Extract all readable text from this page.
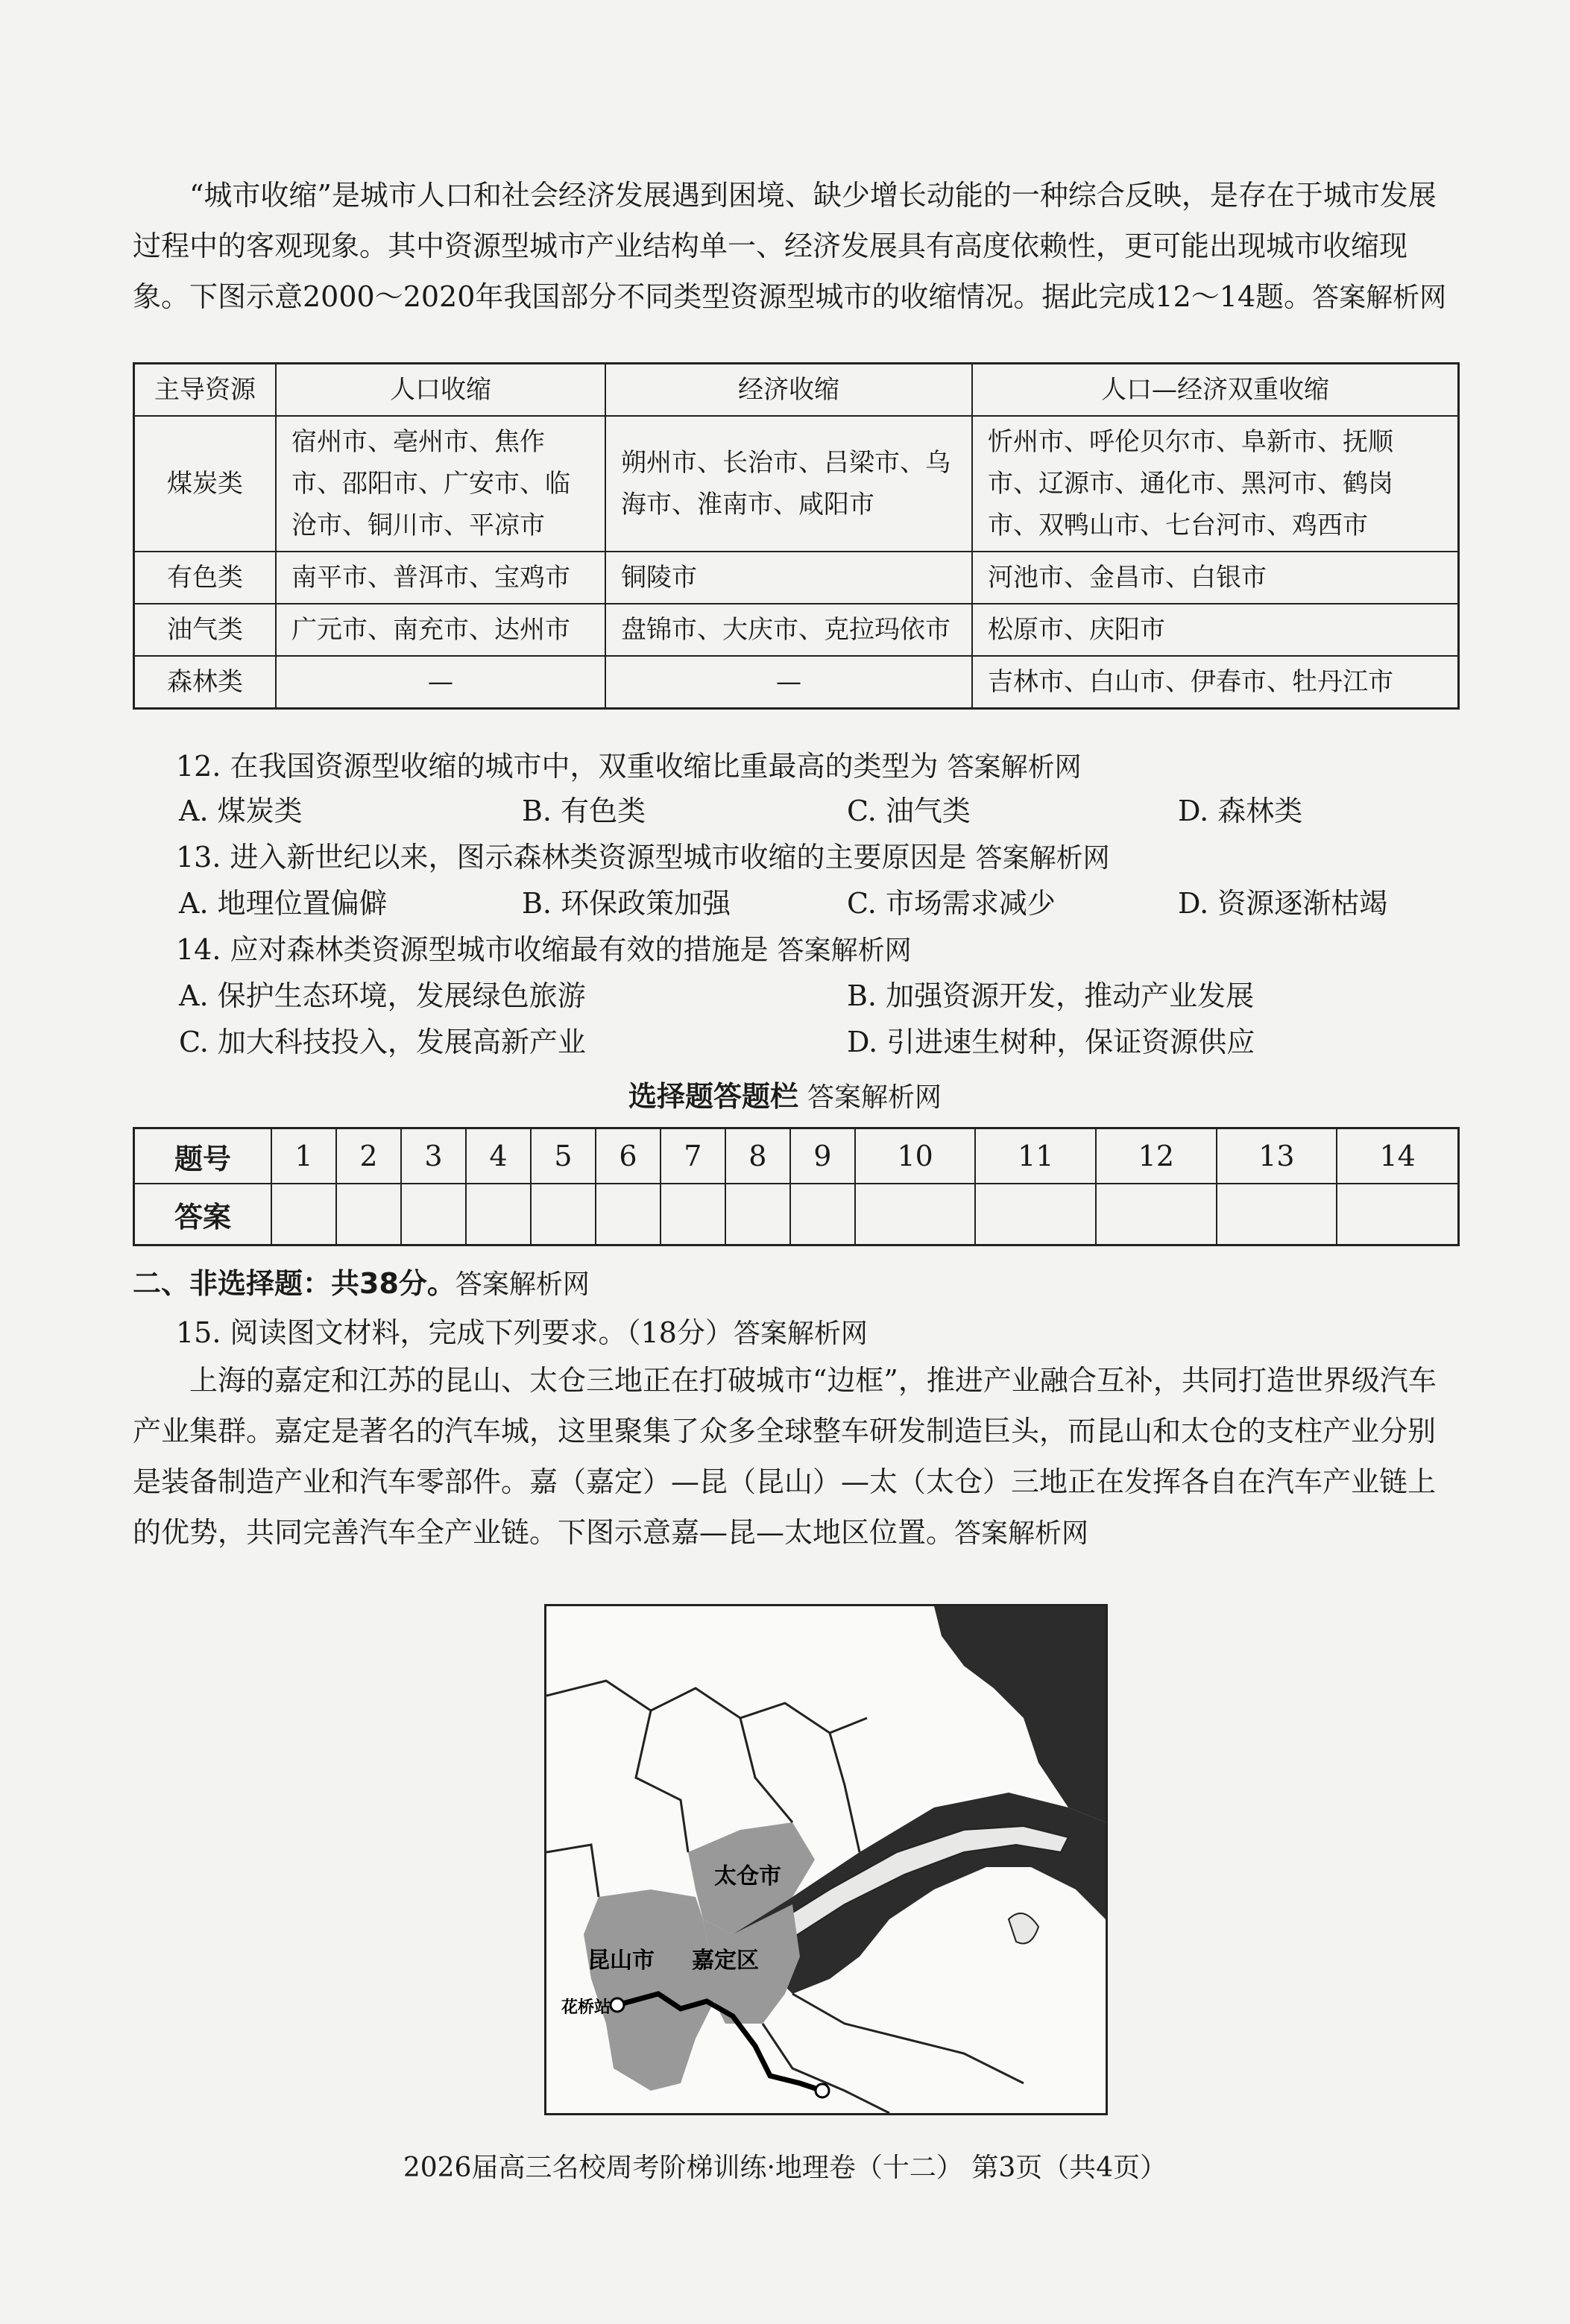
“城市收缩”是城市人口和社会经济发展遇到困境、缺少增长动能的一种综合反映，是存在于城市发展过程中的客观现象。其中资源型城市产业结构单一、经济发展具有高度依赖性，更可能出现城市收缩现象。下图示意2000～2020年我国部分不同类型资源型城市的收缩情况。据此完成12～14题。答案解析网

主导资源	人口收缩	经济收缩	人口—经济双重收缩
煤炭类	宿州市、亳州市、焦作市、邵阳市、广安市、临沧市、铜川市、平凉市	朔州市、长治市、吕梁市、乌海市、淮南市、咸阳市	忻州市、呼伦贝尔市、阜新市、抚顺市、辽源市、通化市、黑河市、鹤岗市、双鸭山市、七台河市、鸡西市
有色类	南平市、普洱市、宝鸡市	铜陵市	河池市、金昌市、白银市
油气类	广元市、南充市、达州市	盘锦市、大庆市、克拉玛依市	松原市、庆阳市
森林类	—	—	吉林市、白山市、伊春市、牡丹江市
12. 在我国资源型收缩的城市中，双重收缩比重最高的类型为 答案解析网
A. 煤炭类	B. 有色类	C. 油气类	D. 森林类
13. 进入新世纪以来，图示森林类资源型城市收缩的主要原因是 答案解析网
A. 地理位置偏僻	B. 环保政策加强	C. 市场需求减少	D. 资源逐渐枯竭
14. 应对森林类资源型城市收缩最有效的措施是 答案解析网
A. 保护生态环境，发展绿色旅游	B. 加强资源开发，推动产业发展
C. 加大科技投入，发展高新产业	D. 引进速生树种，保证资源供应
选择题答题栏 答案解析网
题号	1	2	3	4	5	6	7	8	9	10	11	12	13	14
答案														
二、非选择题：共38分。答案解析网
15. 阅读图文材料，完成下列要求。（18分）答案解析网

上海的嘉定和江苏的昆山、太仓三地正在打破城市“边框”，推进产业融合互补，共同打造世界级汽车产业集群。嘉定是著名的汽车城，这里聚集了众多全球整车研发制造巨头，而昆山和太仓的支柱产业分别是装备制造产业和汽车零部件。嘉（嘉定）—昆（昆山）—太（太仓）三地正在发挥各自在汽车产业链上的优势，共同完善汽车全产业链。下图示意嘉—昆—太地区位置。答案解析网

太仓市
昆山市 嘉定区
花桥站
2026届高三名校周考阶梯训练·地理卷（十二） 第3页（共4页）
